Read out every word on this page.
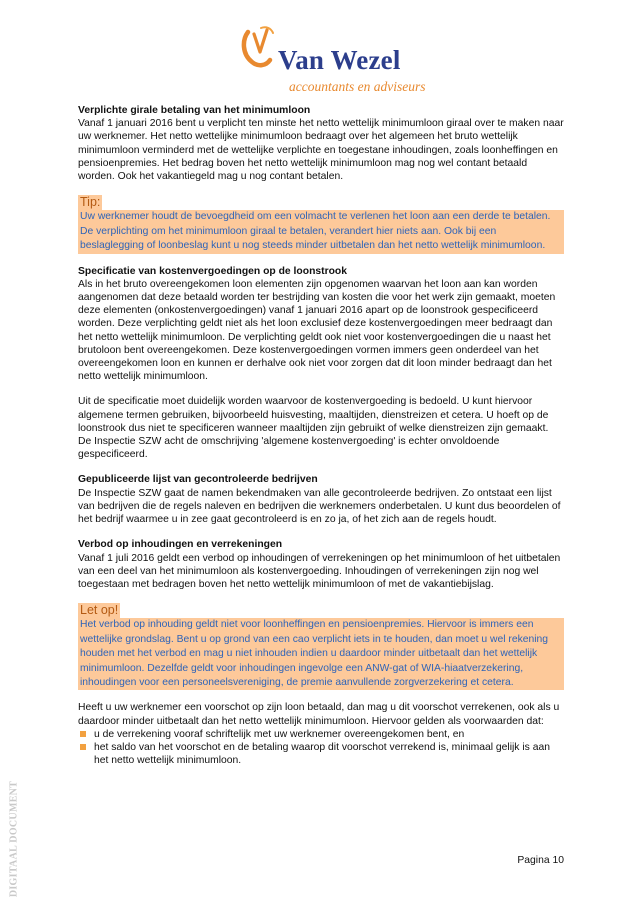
Van Wezel
accountants en adviseurs

Verplichte girale betaling van het minimumloon
Vanaf 1 januari 2016 bent u verplicht ten minste het netto wettelijk minimumloon giraal over te maken naar uw werknemer. Het netto wettelijke minimumloon bedraagt over het algemeen het bruto wettelijk minimumloon verminderd met de wettelijke verplichte en toegestane inhoudingen, zoals loonheffingen en pensioenpremies. Het bedrag boven het netto wettelijk minimumloon mag nog wel contant betaald worden. Ook het vakantiegeld mag u nog contant betalen.

Tip:
Uw werknemer houdt de bevoegdheid om een volmacht te verlenen het loon aan een derde te betalen. De verplichting om het minimumloon giraal te betalen, verandert hier niets aan. Ook bij een beslaglegging of loonbeslag kunt u nog steeds minder uitbetalen dan het netto wettelijk minimumloon.

Specificatie van kostenvergoedingen op de loonstrook
Als in het bruto overeengekomen loon elementen zijn opgenomen waarvan het loon aan kan worden aangenomen dat deze betaald worden ter bestrijding van kosten die voor het werk zijn gemaakt, moeten deze elementen (onkostenvergoedingen) vanaf 1 januari 2016 apart op de loonstrook gespecificeerd worden. Deze verplichting geldt niet als het loon exclusief deze kostenvergoedingen meer bedraagt dan het netto wettelijk minimumloon. De verplichting geldt ook niet voor kostenvergoedingen die u naast het brutoloon bent overeengekomen. Deze kostenvergoedingen vormen immers geen onderdeel van het overeengekomen loon en kunnen er derhalve ook niet voor zorgen dat dit loon minder bedraagt dan het netto wettelijk minimumloon.

Uit de specificatie moet duidelijk worden waarvoor de kostenvergoeding is bedoeld. U kunt hiervoor algemene termen gebruiken, bijvoorbeeld huisvesting, maaltijden, dienstreizen et cetera. U hoeft op de loonstrook dus niet te specificeren wanneer maaltijden zijn gebruikt of welke dienstreizen zijn gemaakt. De Inspectie SZW acht de omschrijving 'algemene kostenvergoeding' is echter onvoldoende gespecificeerd.

Gepubliceerde lijst van gecontroleerde bedrijven
De Inspectie SZW gaat de namen bekendmaken van alle gecontroleerde bedrijven. Zo ontstaat een lijst van bedrijven die de regels naleven en bedrijven die werknemers onderbetalen. U kunt dus beoordelen of het bedrijf waarmee u in zee gaat gecontroleerd is en zo ja, of het zich aan de regels houdt.

Verbod op inhoudingen en verrekeningen
Vanaf 1 juli 2016 geldt een verbod op inhoudingen of verrekeningen op het minimumloon of het uitbetalen van een deel van het minimumloon als kostenvergoeding. Inhoudingen of verrekeningen zijn nog wel toegestaan met bedragen boven het netto wettelijk minimumloon of met de vakantiebijslag.

Let op!
Het verbod op inhouding geldt niet voor loonheffingen en pensioenpremies. Hiervoor is immers een wettelijke grondslag. Bent u op grond van een cao verplicht iets in te houden, dan moet u wel rekening houden met het verbod en mag u niet inhouden indien u daardoor minder uitbetaalt dan het wettelijk minimumloon. Dezelfde geldt voor inhoudingen ingevolge een ANW-gat of WIA-hiaatverzekering, inhoudingen voor een personeelsvereniging, de premie aanvullende zorgverzekering et cetera.
Heeft u uw werknemer een voorschot op zijn loon betaald, dan mag u dit voorschot verrekenen, ook als u daardoor minder uitbetaalt dan het netto wettelijk minimumloon. Hiervoor gelden als voorwaarden dat:
u de verrekening vooraf schriftelijk met uw werknemer overeengekomen bent, en
het saldo van het voorschot en de betaling waarop dit voorschot verrekend is, minimaal gelijk is aan het netto wettelijk minimumloon.
DIGITAAL DOCUMENT	Pagina 10
